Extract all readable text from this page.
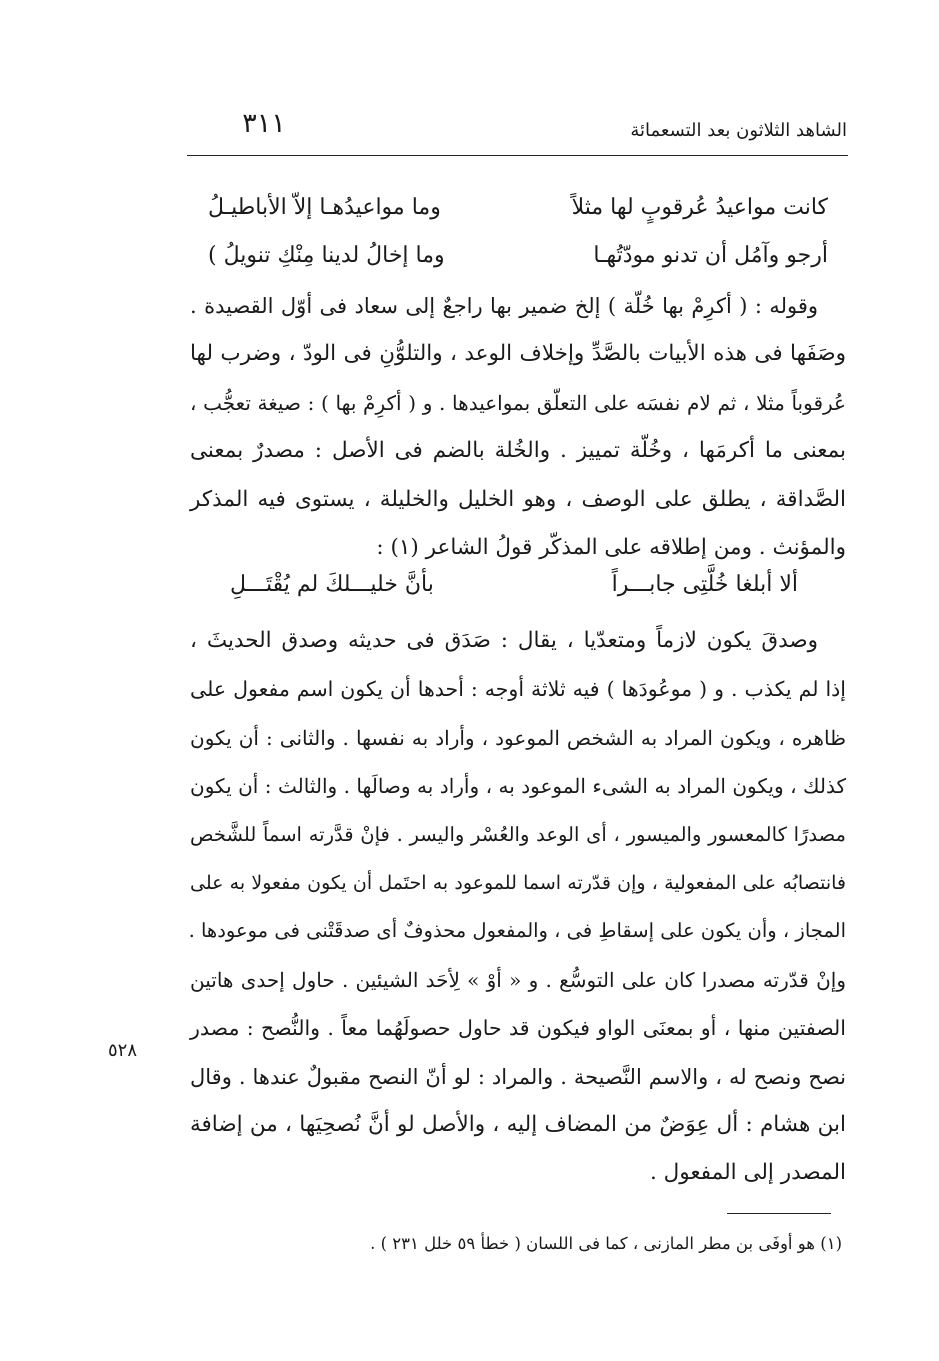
٣١١	الشاهد الثلاثون بعد التسعمائة
كانت مواعيدُ عُرقوبٍ لها مثلاً
وما مواعيدُهـا إلاّ الأباطيـلُ
أرجو وآمُل أن تدنو مودّتُهـا
وما إخالُ لدينا مِنْكِ تنويلُ )
وقوله : ( أكرِمْ بها خُلّة ) إلخ ضمير بها راجعٌ إلى سعاد فى أوّل القصيدة .
وصَفَها فى هذه الأبيات بالصَّدِّ وإخلاف الوعد ، والتلوُّنِ فى الودّ ، وضرب لها
عُرقوباً مثلا ، ثم لام نفسَه على التعلّق بمواعيدها . و ( أكرِمْ بها ) : صيغة تعجُّب ،
بمعنى ما أكرمَها ، وخُلّة تمييز . والخُلة بالضم فى الأصل : مصدرٌ بمعنى
الصَّداقة ، يطلق على الوصف ، وهو الخليل والخليلة ، يستوى فيه المذكر
والمؤنث . ومن إطلاقه على المذكّر قولُ الشاعر (١) :
ألا أبلغا خُلَّتِى جابـــراً
بأنَّ خليـــلكَ لم يُقْتَـــلِ
وصدقَ يكون لازماً ومتعدّيا ، يقال : صَدَق فى حديثه وصدق الحديثَ ،
إذا لم يكذب . و ( موعُودَها ) فيه ثلاثة أوجه : أحدها أن يكون اسم مفعول على
ظاهره ، ويكون المراد به الشخص الموعود ، وأراد به نفسها . والثانى : أن يكون
كذلك ، ويكون المراد به الشىء الموعود به ، وأراد به وصالَها . والثالث : أن يكون
مصدرًا كالمعسور والميسور ، أى الوعد والعُسْر واليسر . فإنْ قدَّرته اسماً للشَّخص
فانتصابُه على المفعولية ، وإن قدّرته اسما للموعود به احتَمل أن يكون مفعولا به على
المجاز ، وأن يكون على إسقاطِ فى ، والمفعول محذوفٌ أى صدقَتْنى فى موعودها .
وإنْ قدّرته مصدرا كان على التوسُّع . و « أوْ » لِأحَد الشيئين . حاول إحدى هاتين
الصفتين منها ، أو بمعنَى الواو فيكون قد حاول حصولَهُما معاً . والنُّصح : مصدر
نصح ونصح له ، والاسم النَّصيحة . والمراد : لو أنّ النصح مقبولٌ عندها . وقال
ابن هشام : أل عِوَضٌ من المضاف إليه ، والأصل لو أنَّ نُصحِيَها ، من إضافة
المصدر إلى المفعول .
٥٢٨
(١) هو أوفَى بن مطر المازنى ، كما فى اللسان ( خطأ ٥٩ خلل ٢٣١ ) .
